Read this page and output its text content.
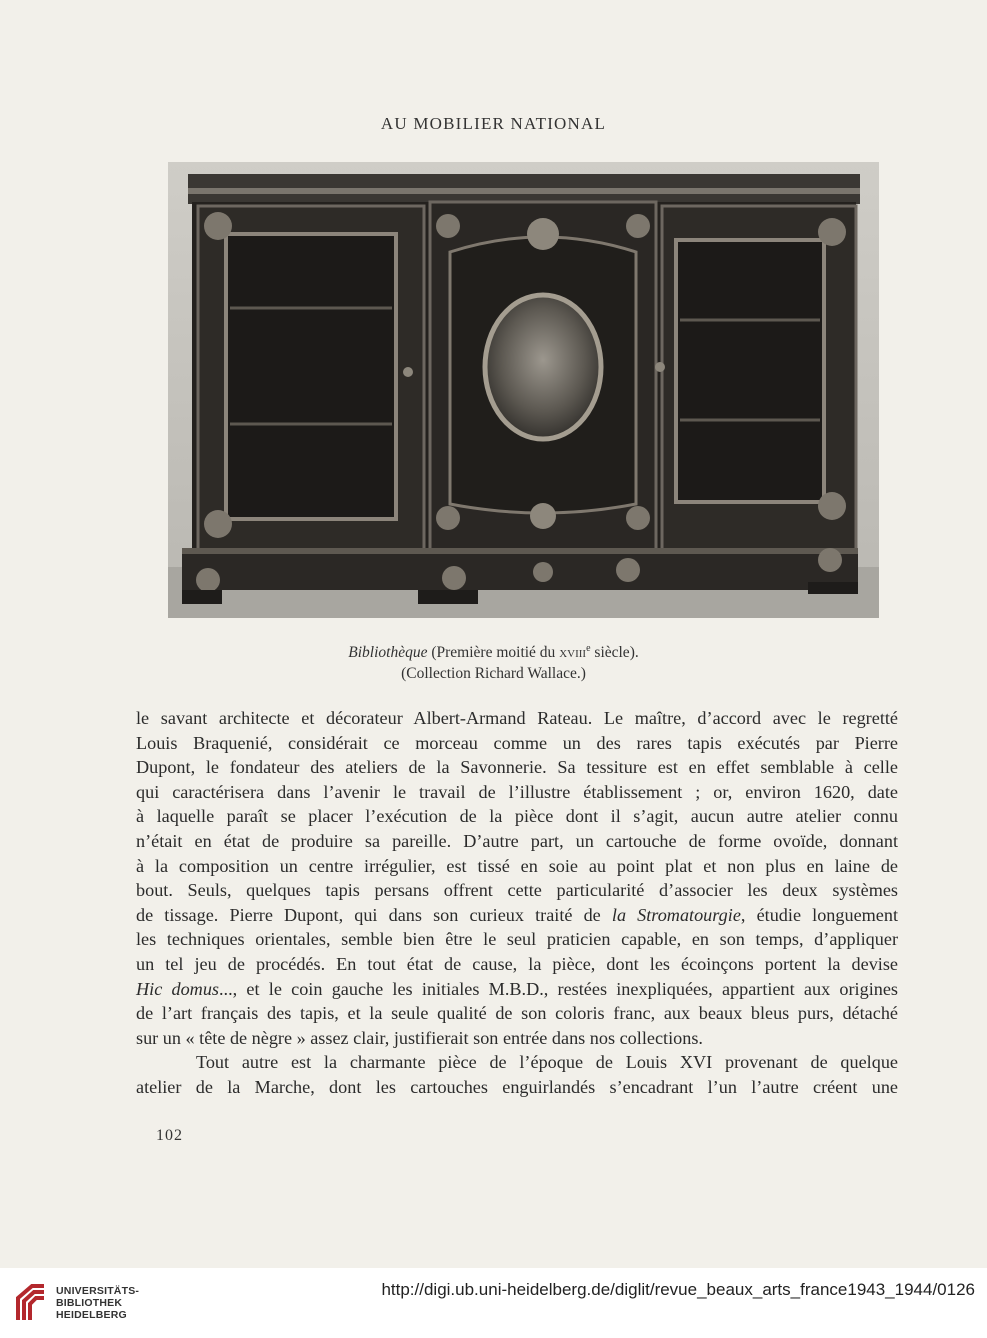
AU MOBILIER NATIONAL
Bibliothèque (Première moitié du xviii$^e$ siècle).
(Collection Richard Wallace.)
le savant architecte et décorateur Albert-Armand Rateau. Le maître, d’accord avec le regretté
Louis Braquenié, considérait ce morceau comme un des rares tapis exécutés par Pierre
Dupont, le fondateur des ateliers de la Savonnerie. Sa tessiture est en effet semblable à celle
qui caractérisera dans l’avenir le travail de l’illustre établissement ; or, environ 1620, date
à laquelle paraît se placer l’exécution de la pièce dont il s’agit, aucun autre atelier connu
n’était en état de produire sa pareille. D’autre part, un cartouche de forme ovoïde, donnant
à la composition un centre irrégulier, est tissé en soie au point plat et non plus en laine de
bout. Seuls, quelques tapis persans offrent cette particularité d’associer les deux systèmes
de tissage. Pierre Dupont, qui dans son curieux traité de la Stromatourgie, étudie longuement
les techniques orientales, semble bien être le seul praticien capable, en son temps, d’appliquer
un tel jeu de procédés. En tout état de cause, la pièce, dont les écoinçons portent la devise
Hic domus..., et le coin gauche les initiales M.B.D., restées inexpliquées, appartient aux origines
de l’art français des tapis, et la seule qualité de son coloris franc, aux beaux bleus purs, détaché
sur un « tête de nègre » assez clair, justifierait son entrée dans nos collections.
Tout autre est la charmante pièce de l’époque de Louis XVI provenant de quelque
atelier de la Marche, dont les cartouches enguirlandés s’encadrant l’un l’autre créent une
102
UNIVERSITÄTS-
BIBLIOTHEK
HEIDELBERG
http://digi.ub.uni-heidelberg.de/diglit/revue_beaux_arts_france1943_1944/0126
